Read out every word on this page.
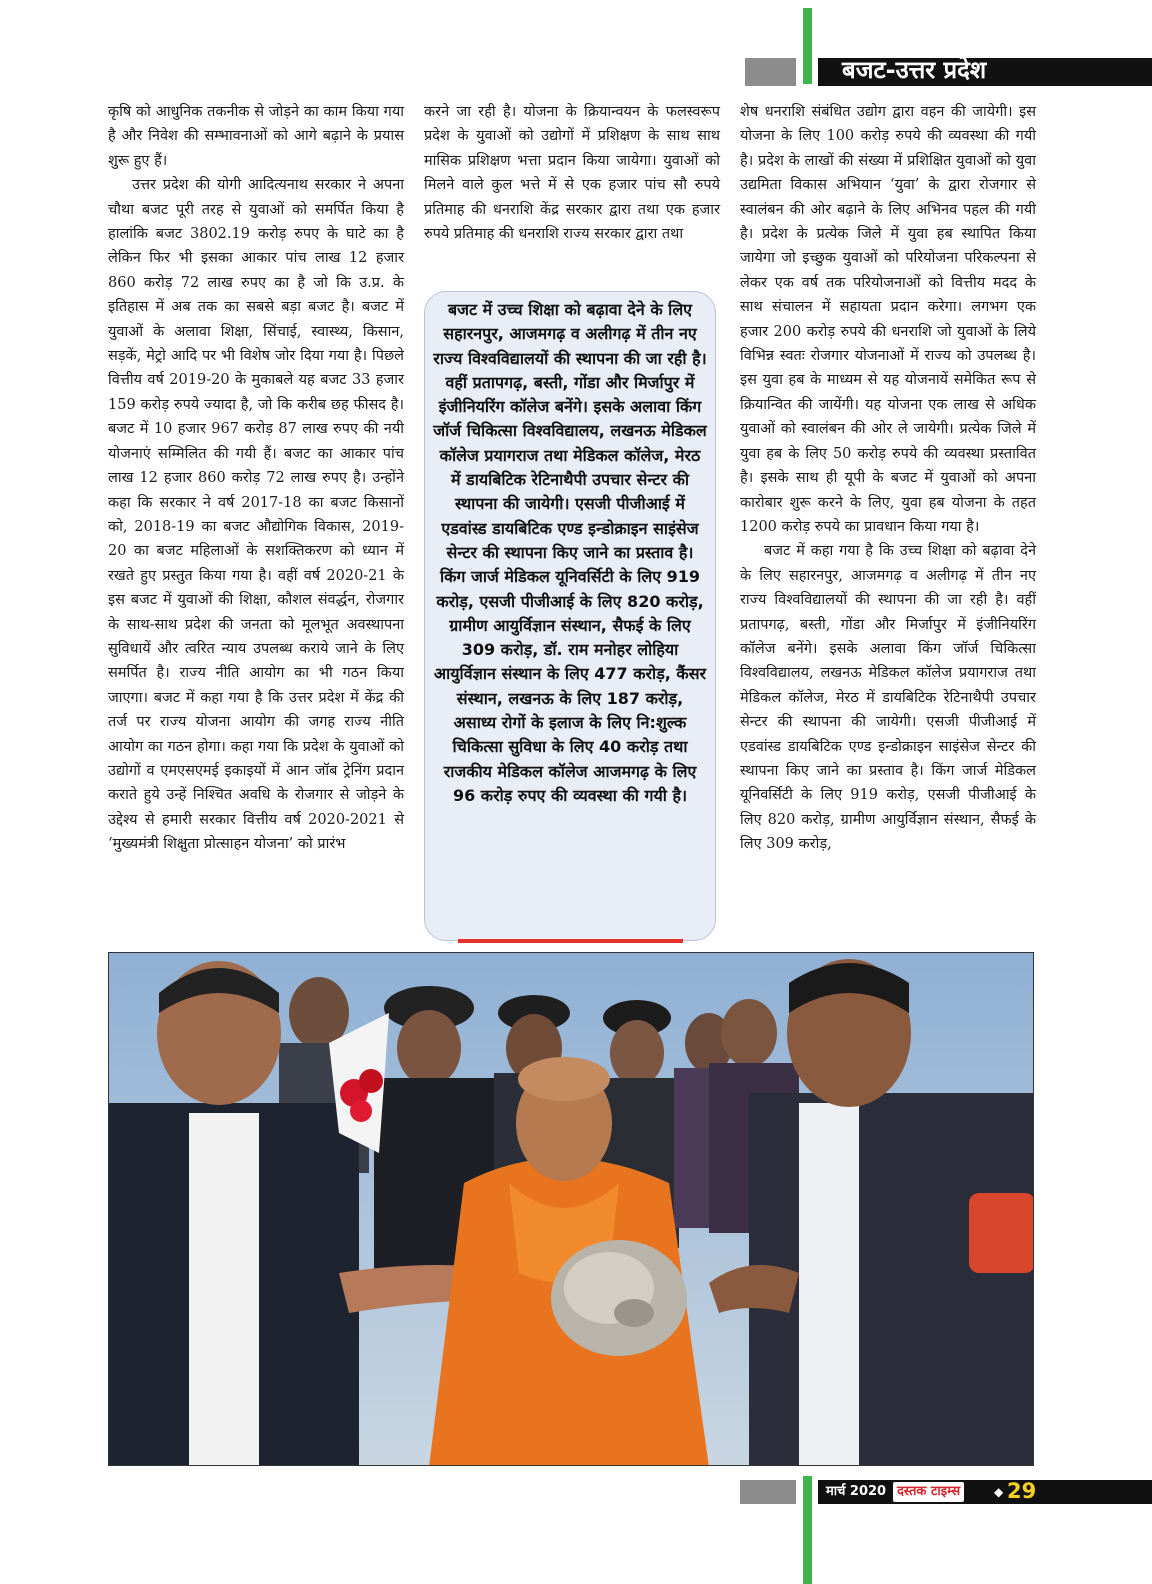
बजट-उत्तर प्रदेश

कृषि को आधुनिक तकनीक से जोड़ने का काम किया गया है और निवेश की सम्भावनाओं को आगे बढ़ाने के प्रयास शुरू हुए हैं।

उत्तर प्रदेश की योगी आदित्यनाथ सरकार ने अपना चौथा बजट पूरी तरह से युवाओं को समर्पित किया है हालांकि बजट 3802.19 करोड़ रुपए के घाटे का है लेकिन फिर भी इसका आकार पांच लाख 12 हजार 860 करोड़ 72 लाख रुपए का है जो कि उ.प्र. के इतिहास में अब तक का सबसे बड़ा बजट है। बजट में युवाओं के अलावा शिक्षा, सिंचाई, स्वास्थ्य, किसान, सड़कें, मेट्रो आदि पर भी विशेष जोर दिया गया है। पिछले वित्तीय वर्ष 2019-20 के मुकाबले यह बजट 33 हजार 159 करोड़ रुपये ज्यादा है, जो कि करीब छह फीसद है। बजट में 10 हजार 967 करोड़ 87 लाख रुपए की नयी योजनाएं सम्मिलित की गयी हैं। बजट का आकार पांच लाख 12 हजार 860 करोड़ 72 लाख रुपए है। उन्होंने कहा कि सरकार ने वर्ष 2017-18 का बजट किसानों को, 2018-19 का बजट औद्योगिक विकास, 2019-20 का बजट महिलाओं के सशक्तिकरण को ध्यान में रखते हुए प्रस्तुत किया गया है। वहीं वर्ष 2020-21 के इस बजट में युवाओं की शिक्षा, कौशल संवर्द्धन, रोजगार के साथ-साथ प्रदेश की जनता को मूलभूत अवस्थापना सुविधायें और त्वरित न्याय उपलब्ध कराये जाने के लिए समर्पित है। राज्य नीति आयोग का भी गठन किया जाएगा। बजट में कहा गया है कि उत्तर प्रदेश में केंद्र की तर्ज पर राज्य योजना आयोग की जगह राज्य नीति आयोग का गठन होगा। कहा गया कि प्रदेश के युवाओं को उद्योगों व एमएसएमई इकाइयों में आन जॉब ट्रेनिंग प्रदान कराते हुये उन्हें निश्चित अवधि के रोजगार से जोड़ने के उद्देश्य से हमारी सरकार वित्तीय वर्ष 2020-2021 से ‘मुख्यमंत्री शिक्षुता प्रोत्साहन योजना’ को प्रारंभ

करने जा रही है। योजना के क्रियान्वयन के फलस्वरूप प्रदेश के युवाओं को उद्योगों में प्रशिक्षण के साथ साथ मासिक प्रशिक्षण भत्ता प्रदान किया जायेगा। युवाओं को मिलने वाले कुल भत्ते में से एक हजार पांच सौ रुपये प्रतिमाह की धनराशि केंद्र सरकार द्वारा तथा एक हजार रुपये प्रतिमाह की धनराशि राज्य सरकार द्वारा तथा

बजट में उच्च शिक्षा को बढ़ावा देने के लिए सहारनपुर, आजमगढ़ व अलीगढ़ में तीन नए राज्य विश्वविद्यालयों की स्थापना की जा रही है। वहीं प्रतापगढ़, बस्ती, गोंडा और मिर्जापुर में इंजीनियरिंग कॉलेज बनेंगे। इसके अलावा किंग जॉर्ज चिकित्सा विश्वविद्यालय, लखनऊ मेडिकल कॉलेज प्रयागराज तथा मेडिकल कॉलेज, मेरठ में डायबिटिक रेटिनाथैपी उपचार सेन्टर की स्थापना की जायेगी। एसजी पीजीआई में एडवांस्ड डायबिटिक एण्ड इन्डोक्राइन साइंसेज सेन्टर की स्थापना किए जाने का प्रस्ताव है। किंग जार्ज मेडिकल यूनिवर्सिटी के लिए 919 करोड़, एसजी पीजीआई के लिए 820 करोड़, ग्रामीण आयुर्विज्ञान संस्थान, सैफई के लिए 309 करोड़, डॉ. राम मनोहर लोहिया आयुर्विज्ञान संस्थान के लिए 477 करोड़, कैंसर संस्थान, लखनऊ के लिए 187 करोड़, असाध्य रोगों के इलाज के लिए नि:शुल्क चिकित्सा सुविधा के लिए 40 करोड़ तथा राजकीय मेडिकल कॉलेज आजमगढ़ के लिए 96 करोड़ रुपए की व्यवस्था की गयी है।

शेष धनराशि संबंधित उद्योग द्वारा वहन की जायेगी। इस योजना के लिए 100 करोड़ रुपये की व्यवस्था की गयी है। प्रदेश के लाखों की संख्या में प्रशिक्षित युवाओं को युवा उद्यमिता विकास अभियान ‘युवा’ के द्वारा रोजगार से स्वालंबन की ओर बढ़ाने के लिए अभिनव पहल की गयी है। प्रदेश के प्रत्येक जिले में युवा हब स्थापित किया जायेगा जो इच्छुक युवाओं को परियोजना परिकल्पना से लेकर एक वर्ष तक परियोजनाओं को वित्तीय मदद के साथ संचालन में सहायता प्रदान करेगा। लगभग एक हजार 200 करोड़ रुपये की धनराशि जो युवाओं के लिये विभिन्न स्वतः रोजगार योजनाओं में राज्य को उपलब्ध है। इस युवा हब के माध्यम से यह योजनायें समेकित रूप से क्रियान्वित की जायेंगी। यह योजना एक लाख से अधिक युवाओं को स्वालंबन की ओर ले जायेगी। प्रत्येक जिले में युवा हब के लिए 50 करोड़ रुपये की व्यवस्था प्रस्तावित है। इसके साथ ही यूपी के बजट में युवाओं को अपना कारोबार शुरू करने के लिए, युवा हब योजना के तहत 1200 करोड़ रुपये का प्रावधान किया गया है।

बजट में कहा गया है कि उच्च शिक्षा को बढ़ावा देने के लिए सहारनपुर, आजमगढ़ व अलीगढ़ में तीन नए राज्य विश्वविद्यालयों की स्थापना की जा रही है। वहीं प्रतापगढ़, बस्ती, गोंडा और मिर्जापुर में इंजीनियरिंग कॉलेज बनेंगे। इसके अलावा किंग जॉर्ज चिकित्सा विश्वविद्यालय, लखनऊ मेडिकल कॉलेज प्रयागराज तथा मेडिकल कॉलेज, मेरठ में डायबिटिक रेटिनाथैपी उपचार सेन्टर की स्थापना की जायेगी। एसजी पीजीआई में एडवांस्ड डायबिटिक एण्ड इन्डोक्राइन साइंसेज सेन्टर की स्थापना किए जाने का प्रस्ताव है। किंग जार्ज मेडिकल यूनिवर्सिटी के लिए 919 करोड़, एसजी पीजीआई के लिए 820 करोड़, ग्रामीण आयुर्विज्ञान संस्थान, सैफई के लिए 309 करोड़,

मार्च 2020 दस्तक टाइम्स	◆ 29
